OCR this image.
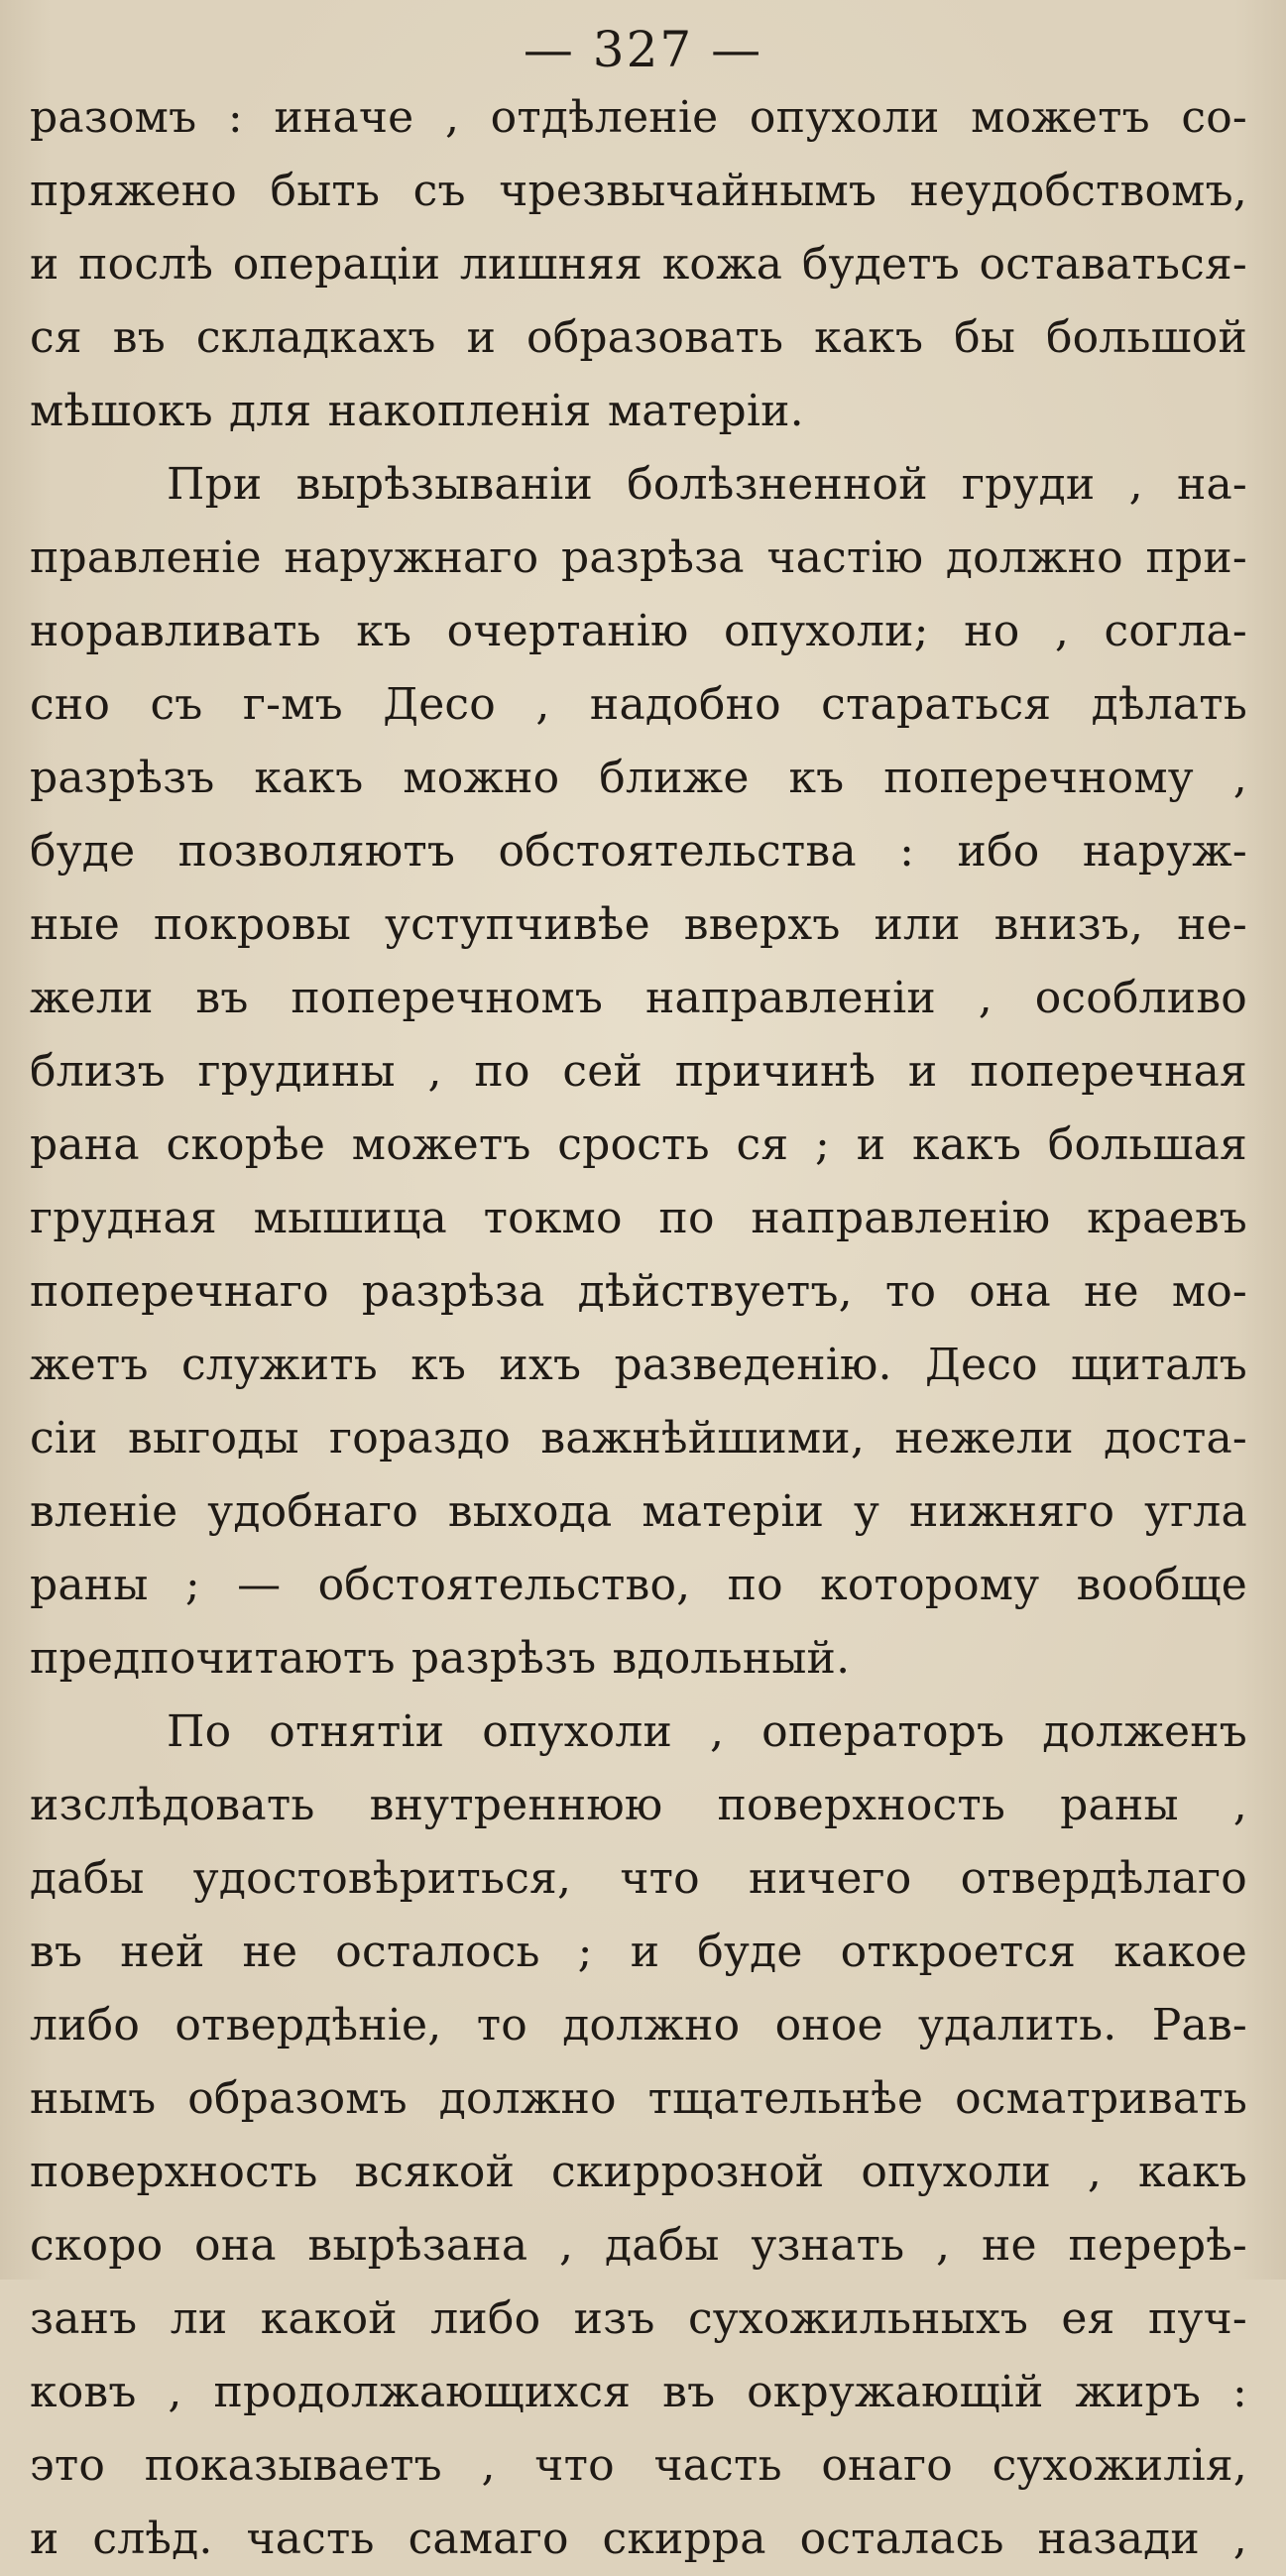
— 327 —
разомъ : иначе , отдѣленіе опухоли можетъ со-
пряжено быть съ чрезвычайнымъ неудобствомъ,
и послѣ операціи лишняя кожа будетъ оставаться-
ся въ складкахъ и образовать какъ бы большой
мѣшокъ для накопленія матеріи.
При вырѣзываніи болѣзненной груди , на-
правленіе наружнаго разрѣза частію должно при-
норавливать къ очертанію опухоли; но , согла-
сно съ г-мъ Десо , надобно стараться дѣлать
разрѣзъ какъ можно ближе къ поперечному ,
буде позволяютъ обстоятельства : ибо наруж-
ные покровы уступчивѣе вверхъ или внизъ, не-
жели въ поперечномъ направленіи , особливо
близъ грудины , по сей причинѣ и поперечная
рана скорѣе можетъ срость ся ; и какъ большая
грудная мышица токмо по направленію краевъ
поперечнаго разрѣза дѣйствуетъ, то она не мо-
жетъ служить къ ихъ разведенію. Десо щиталъ
сіи выгоды гораздо важнѣйшими, нежели доста-
вленіе удобнаго выхода матеріи у нижняго угла
раны ; — обстоятельство, по которому вообще
предпочитаютъ разрѣзъ вдольный.
По отнятіи опухоли , операторъ долженъ
изслѣдовать внутреннюю поверхность раны ,
дабы удостовѣриться, что ничего отвердѣлаго
въ ней не осталось ; и буде откроется какое
либо отвердѣніе, то должно оное удалить. Рав-
нымъ образомъ должно тщательнѣе осматривать
поверхность всякой скиррозной опухоли , какъ
скоро она вырѣзана , дабы узнать , не перерѣ-
занъ ли какой либо изъ сухожильныхъ ея пуч-
ковъ , продолжающихся въ окружающій жиръ :
это показываетъ , что часть онаго сухожилія,
и слѣд. часть самаго скирра осталась назади ,
